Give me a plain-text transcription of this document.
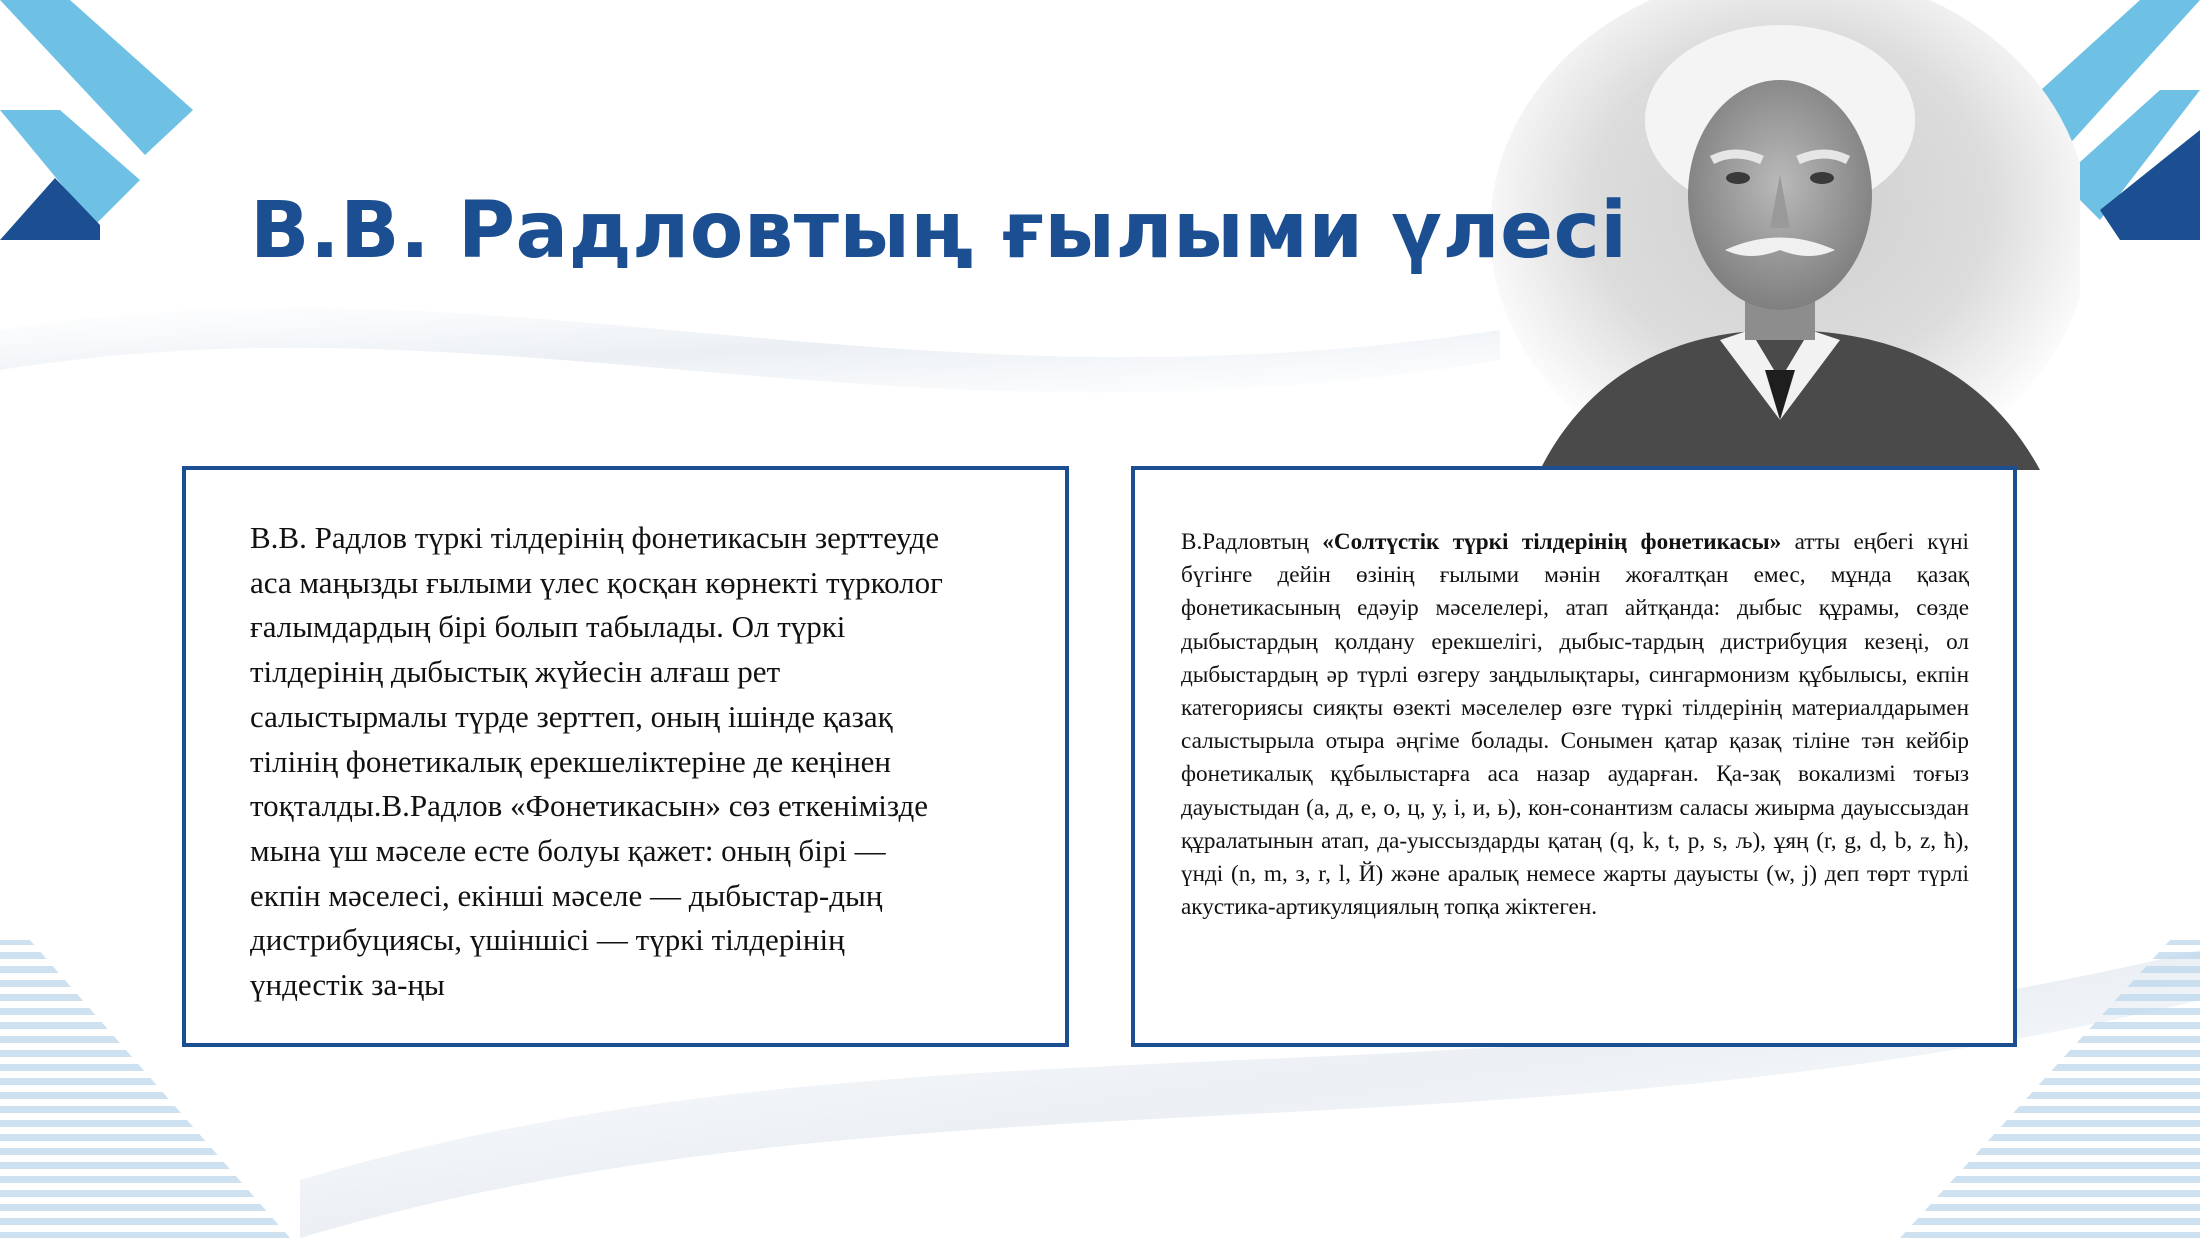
В.В. Радловтың ғылыми үлесі

В.В. Радлов түркі тілдерінің фонетикасын зерттеуде
аса маңызды ғылыми үлес қосқан көрнекті түрколог
ғалымдардың бірі болып табылады. Ол түркі
тілдерінің дыбыстық жүйесін алғаш рет
салыстырмалы түрде зерттеп, оның ішінде қазақ
тілінің фонетикалық ерекшеліктеріне де кеңінен
тоқталды.В.Радлов «Фонетикасын» сөз еткенімізде
мына үш мәселе есте болуы қажет: оның бірі —
екпін мәселесі, екінші мәселе — дыбыстар-дың
дистрибуциясы, үшіншісі — түркі тілдерінің
үндестік за-ңы

В.Радловтың «Солтүстік түркі тілдерінің фонетикасы» атты еңбегі күні бүгінге дейін өзінің ғылыми мәнін жоғалтқан емес, мұнда қазақ фонетикасының едәуір мәселелері, атап айтқанда: дыбыс құрамы, сөзде дыбыстардың қолдану ерекшелігі, дыбыс-тардың дистрибуция кезеңі, ол дыбыстардың әр түрлі өзгеру заңдылықтары, сингармонизм құбылысы, екпін категориясы сияқты өзекті мәселелер өзге түркі тілдерінің материалдарымен салыстырыла отыра әңгіме болады. Сонымен қатар қазақ тіліне тән кейбір фонетикалық құбылыстарға аса назар аударған. Қа-зақ вокализмі тоғыз дауыстыдан (а, д, е, о, ц, у, і, и, ь), кон-сонантизм саласы жиырма дауыссыздан құралатынын атап, да-уыссыздарды қатаң (q, k, t, p, s, љ), ұяң (r, g, d, b, z, ћ), үнді (n, m, з, r, l, Й) және аралық немесе жарты дауысты (w, j) деп төрт түрлі акустика-артикуляциялың топқа жіктеген.
